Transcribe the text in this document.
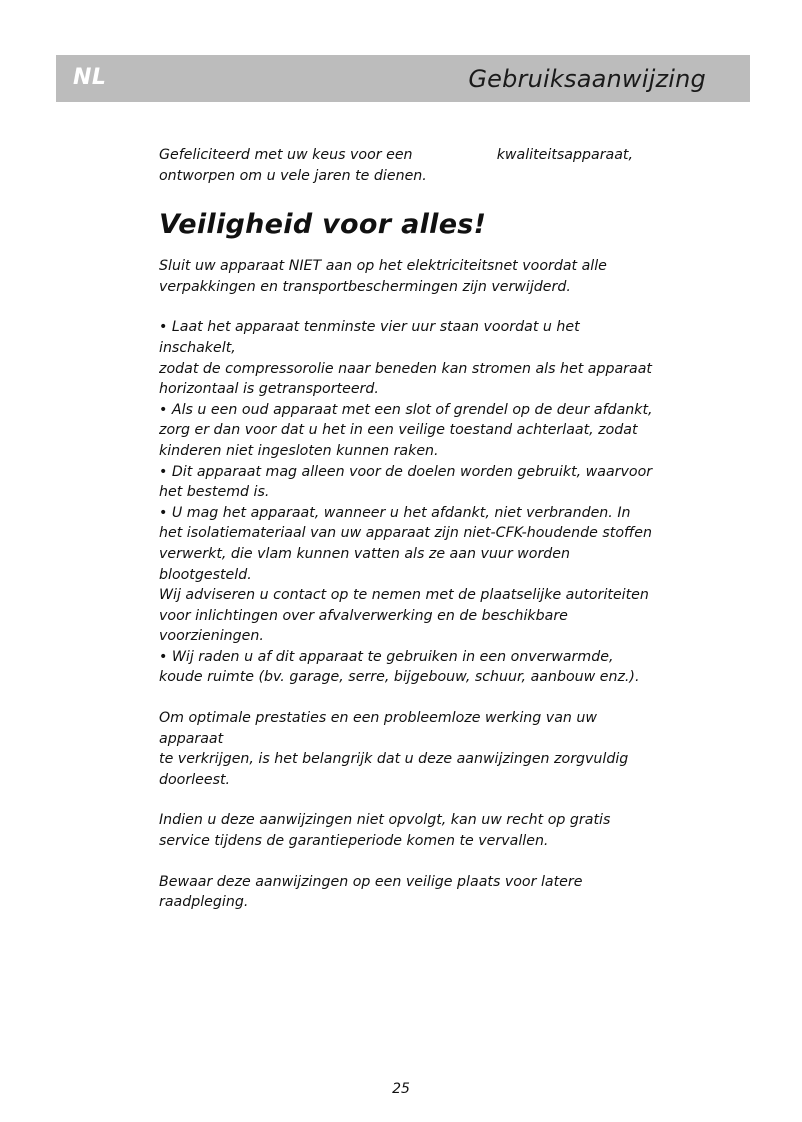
NL	Gebruiksaanwijzing
Gefeliciteerd met uw keus voor een	kwaliteitsapparaat,
ontworpen om u vele jaren te dienen.

Veiligheid voor alles!

Sluit uw apparaat NIET aan op het elektriciteitsnet voordat alle
verpakkingen en transportbeschermingen zijn verwijderd.
• Laat het apparaat tenminste vier uur staan voordat u het inschakelt,
zodat de compressorolie naar beneden kan stromen als het apparaat
horizontaal is getransporteerd.
• Als u een oud apparaat met een slot of grendel op de deur afdankt,
zorg er dan voor dat u het in een veilige toestand achterlaat, zodat
kinderen niet ingesloten kunnen raken.
• Dit apparaat mag alleen voor de doelen worden gebruikt, waarvoor
het bestemd is.
• U mag het apparaat, wanneer u het afdankt, niet verbranden. In
het isolatiemateriaal van uw apparaat zijn niet-CFK-houdende stoffen
verwerkt, die vlam kunnen vatten als ze aan vuur worden blootgesteld.
Wij adviseren u contact op te nemen met de plaatselijke autoriteiten
voor inlichtingen over afvalverwerking en de beschikbare
voorzieningen.
• Wij raden u af dit apparaat te gebruiken in een onverwarmde,
koude ruimte (bv. garage, serre, bijgebouw, schuur, aanbouw enz.).
Om optimale prestaties en een probleemloze werking van uw apparaat
te verkrijgen, is het belangrijk dat u deze aanwijzingen zorgvuldig
doorleest.
Indien u deze aanwijzingen niet opvolgt, kan uw recht op gratis
service tijdens de garantieperiode komen te vervallen.
Bewaar deze aanwijzingen op een veilige plaats voor latere
raadpleging.
25
